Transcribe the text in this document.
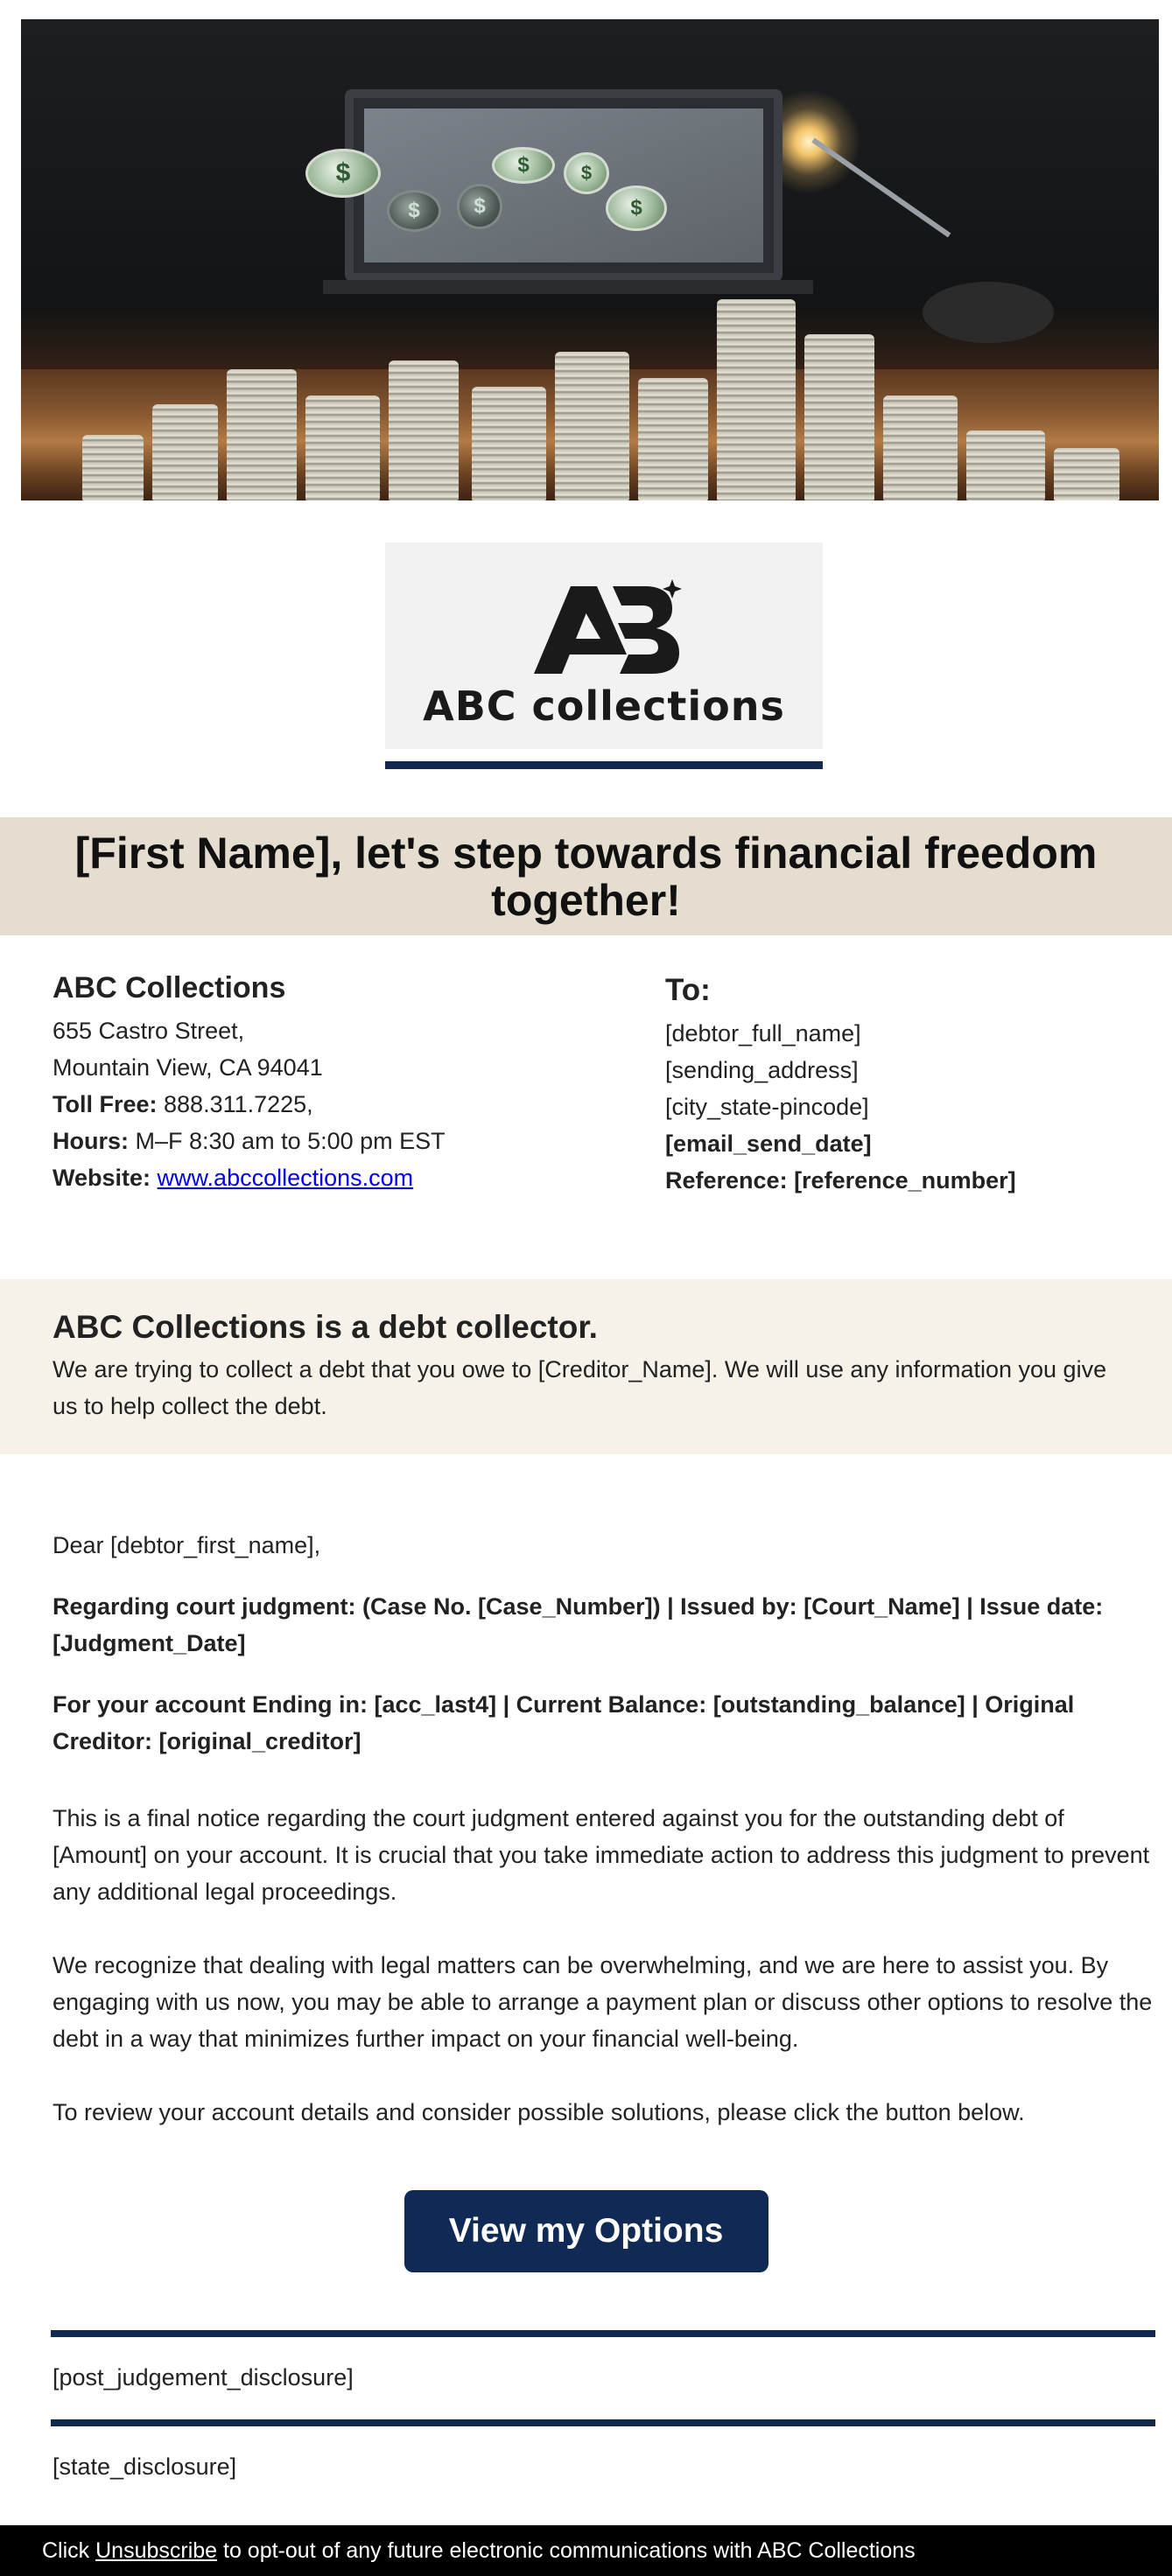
$
$	$
$	$
$
ABC collections
[First Name], let's step towards financial freedom together!
ABC Collections
655 Castro Street,
Mountain View, CA 94041
Toll Free: 888.311.7225,
Hours: M–F 8:30 am to 5:00 pm EST
Website: www.abccollections.com
To:
[debtor_full_name]
[sending_address]
[city_state-pincode]
[email_send_date]
Reference: [reference_number]
ABC Collections is a debt collector.

We are trying to collect a debt that you owe to [Creditor_Name]. We will use any information you give us to help collect the debt.

Dear [debtor_first_name],

Regarding court judgment: (Case No. [Case_Number]) | Issued by: [Court_Name] | Issue date: [Judgment_Date]

For your account Ending in: [acc_last4] | Current Balance: [outstanding_balance] | Original Creditor: [original_creditor]

This is a final notice regarding the court judgment entered against you for the outstanding debt of [Amount] on your account. It is crucial that you take immediate action to address this judgment to prevent any additional legal proceedings.

We recognize that dealing with legal matters can be overwhelming, and we are here to assist you. By engaging with us now, you may be able to arrange a payment plan or discuss other options to resolve the debt in a way that minimizes further impact on your financial well-being.

To review your account details and consider possible solutions, please click the button below.

View my Options
[post_judgement_disclosure]
[state_disclosure]
Click Unsubscribe to opt-out of any future electronic communications with ABC Collections
